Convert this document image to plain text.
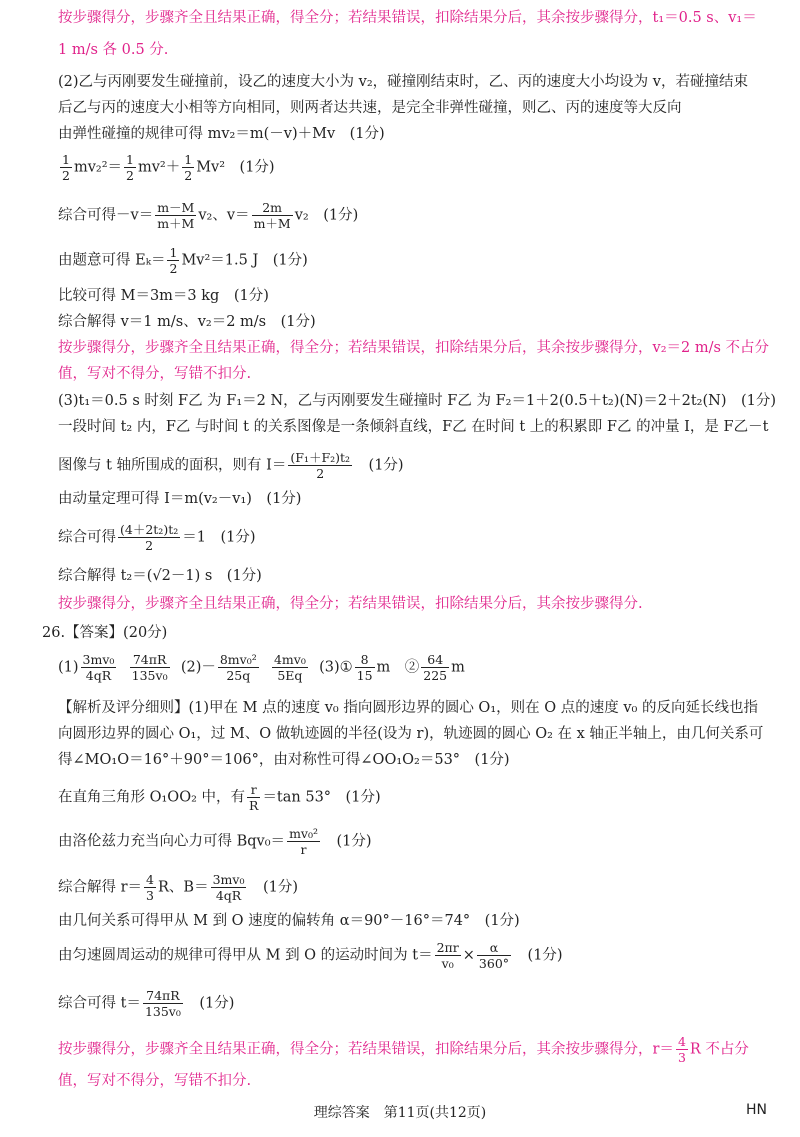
按步骤得分，步骤齐全且结果正确，得全分；若结果错误，扣除结果分后，其余按步骤得分，t₁＝0.5 s、v₁＝
1 m/s 各 0.5 分.
(2)乙与丙刚要发生碰撞前，设乙的速度大小为 v₂，碰撞刚结束时，乙、丙的速度大小均设为 v，若碰撞结束
后乙与丙的速度大小相等方向相同，则两者达共速，是完全非弹性碰撞，则乙、丙的速度等大反向
由弹性碰撞的规律可得 mv₂＝m(－v)＋Mv　(1分)
$\frac{1}{2} mv_2^2= \frac{1}{2} mv^2+ \frac{1}{2} Mv^2$　(1分)
综合可得$-v= \frac{m-M}{m+M} v_2$、$v= \frac{2m}{m+M} v_2$　(1分)
由题意可得 $E_k= \frac{1}{2} Mv^2=1.5$ J　(1分)
比较可得 M＝3m＝3 kg　(1分)
综合解得 v＝1 m/s、v₂＝2 m/s　(1分)
按步骤得分，步骤齐全且结果正确，得全分；若结果错误，扣除结果分后，其余按步骤得分，v₂＝2 m/s 不占分
值，写对不得分，写错不扣分.
(3)t₁＝0.5 s 时刻 F乙 为 F₁＝2 N，乙与丙刚要发生碰撞时 F乙 为 F₂＝1＋2(0.5＋t₂)(N)＝2＋2t₂(N)　(1分)
一段时间 t₂ 内，F乙 与时间 t 的关系图像是一条倾斜直线，F乙 在时间 t 上的积累即 F乙 的冲量 I，是 F乙－t
图像与 t 轴所围成的面积，则有 $I= \frac{\text{(F₁＋F₂)t₂}}{2}$ 　(1分)
由动量定理可得 I＝m(v₂－v₁)　(1分)
综合可得 $\frac{\text{(4＋2t₂)t₂}}{2} =1$　(1分)
综合解得 t₂＝(√2－1) s　(1分)
按步骤得分，步骤齐全且结果正确，得全分；若结果错误，扣除结果分后，其余按步骤得分.
26.【答案】(20分)
$(1) \frac{\text{3mv₀}}{4qR}$
$\frac{74\pi R}{\text{135v₀}} (2)- \frac{\text{8mv₀²}}{25q}$
$\frac{\text{4mv₀}}{5Eq}$ (3)① $\frac{8}{15}$ m　② $\frac{64}{225}$ m
【解析及评分细则】(1)甲在 M 点的速度 v₀ 指向圆形边界的圆心 O₁，则在 O 点的速度 v₀ 的反向延长线也指
向圆形边界的圆心 O₁，过 M、O 做轨迹圆的半径(设为 r)，轨迹圆的圆心 O₂ 在 x 轴正半轴上，由几何关系可
得∠MO₁O＝16°＋90°＝106°，由对称性可得∠OO₁O₂＝53°　(1分)
在直角三角形 O₁OO₂ 中，有 $\frac{r}{R} =\tan$ 53°　(1分)
由洛伦兹力充当向心力可得 $Bqv_0= \frac{\text{mv₀²}}{r}$ 　(1分)
综合解得 $r= \frac{4}{3}$ R、$B= \frac{\text{3mv₀}}{4qR}$ 　(1分)
由几何关系可得甲从 M 到 O 速度的偏转角 α＝90°－16°＝74°　(1分)
由匀速圆周运动的规律可得甲从 M 到 O 的运动时间为 $t= \frac{2\pi r}{\text{v₀}} \times \frac{\alpha}{360^\circ}$ 　(1分)
综合可得 $t= \frac{74\pi R}{\text{135v₀}}$ 　(1分)
按步骤得分，步骤齐全且结果正确，得全分；若结果错误，扣除结果分后，其余按步骤得分，$r= \frac{4}{3}$ R 不占分
值，写对不得分，写错不扣分.
理综答案　第11页(共12页)	HN
